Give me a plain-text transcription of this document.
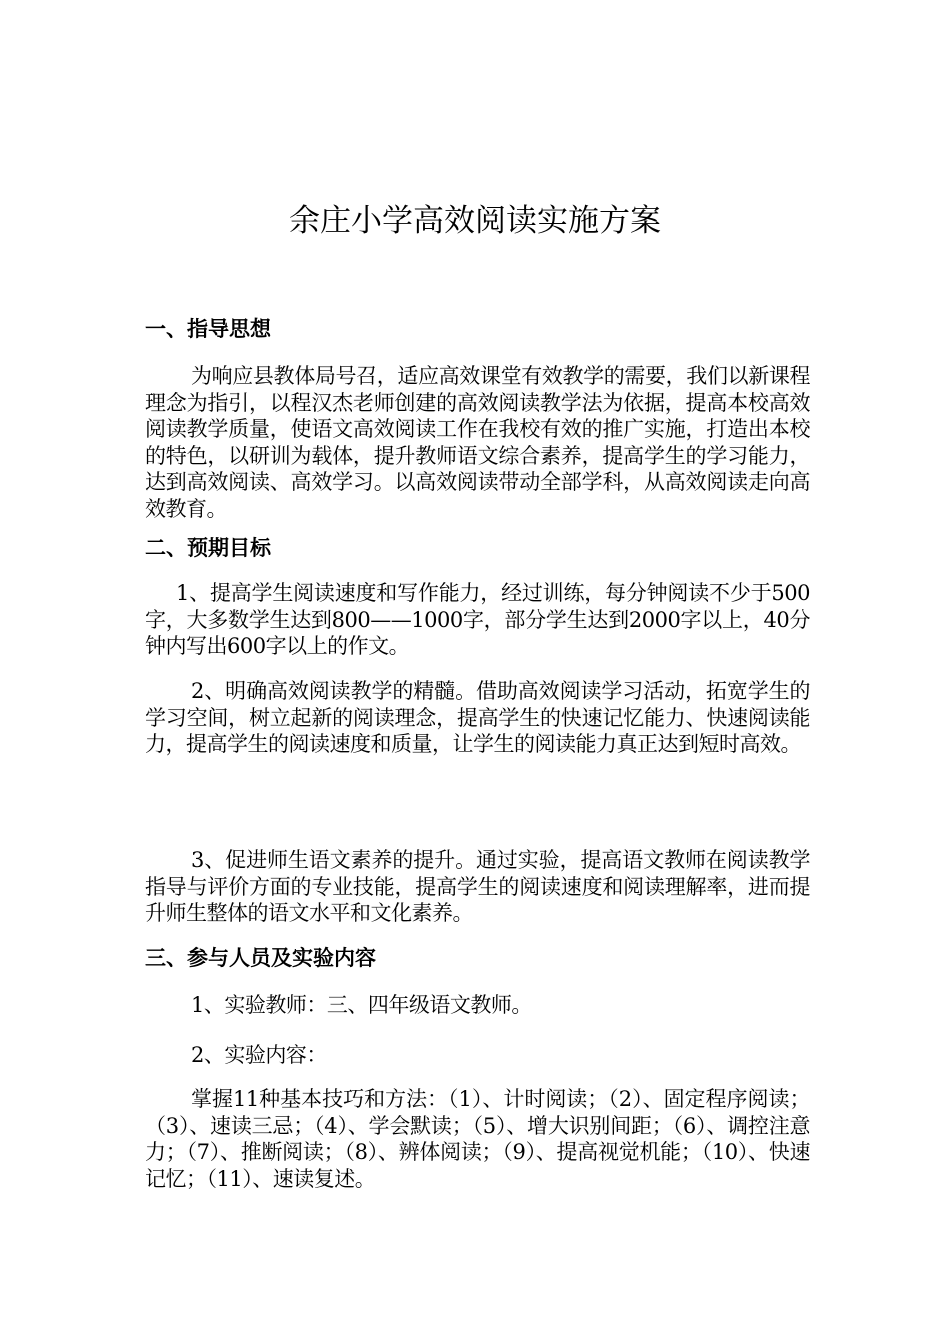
余庄小学高效阅读实施方案
一、指导思想
为响应县教体局号召，适应高效课堂有效教学的需要，我们以新课程理念为指引，以程汉杰老师创建的高效阅读教学法为依据，提高本校高效阅读教学质量，使语文高效阅读工作在我校有效的推广实施，打造出本校的特色，以研训为载体，提升教师语文综合素养，提高学生的学习能力，达到高效阅读、高效学习。以高效阅读带动全部学科，从高效阅读走向高效教育。
二、预期目标
1、提高学生阅读速度和写作能力，经过训练，每分钟阅读不少于500字，大多数学生达到800——1000字，部分学生达到2000字以上，40分钟内写出600字以上的作文。
2、明确高效阅读教学的精髓。借助高效阅读学习活动，拓宽学生的学习空间，树立起新的阅读理念，提高学生的快速记忆能力、快速阅读能力，提高学生的阅读速度和质量，让学生的阅读能力真正达到短时高效。
3、促进师生语文素养的提升。通过实验，提高语文教师在阅读教学指导与评价方面的专业技能，提高学生的阅读速度和阅读理解率，进而提升师生整体的语文水平和文化素养。
三、参与人员及实验内容
1、实验教师：三、四年级语文教师。
2、实验内容：
掌握11种基本技巧和方法：（1）、计时阅读；（2）、固定程序阅读；（3）、速读三忌；（4）、学会默读；（5）、增大识别间距；（6）、调控注意力；（7）、推断阅读；（8）、辨体阅读；（9）、提高视觉机能；（10）、快速记忆；（11）、速读复述。
